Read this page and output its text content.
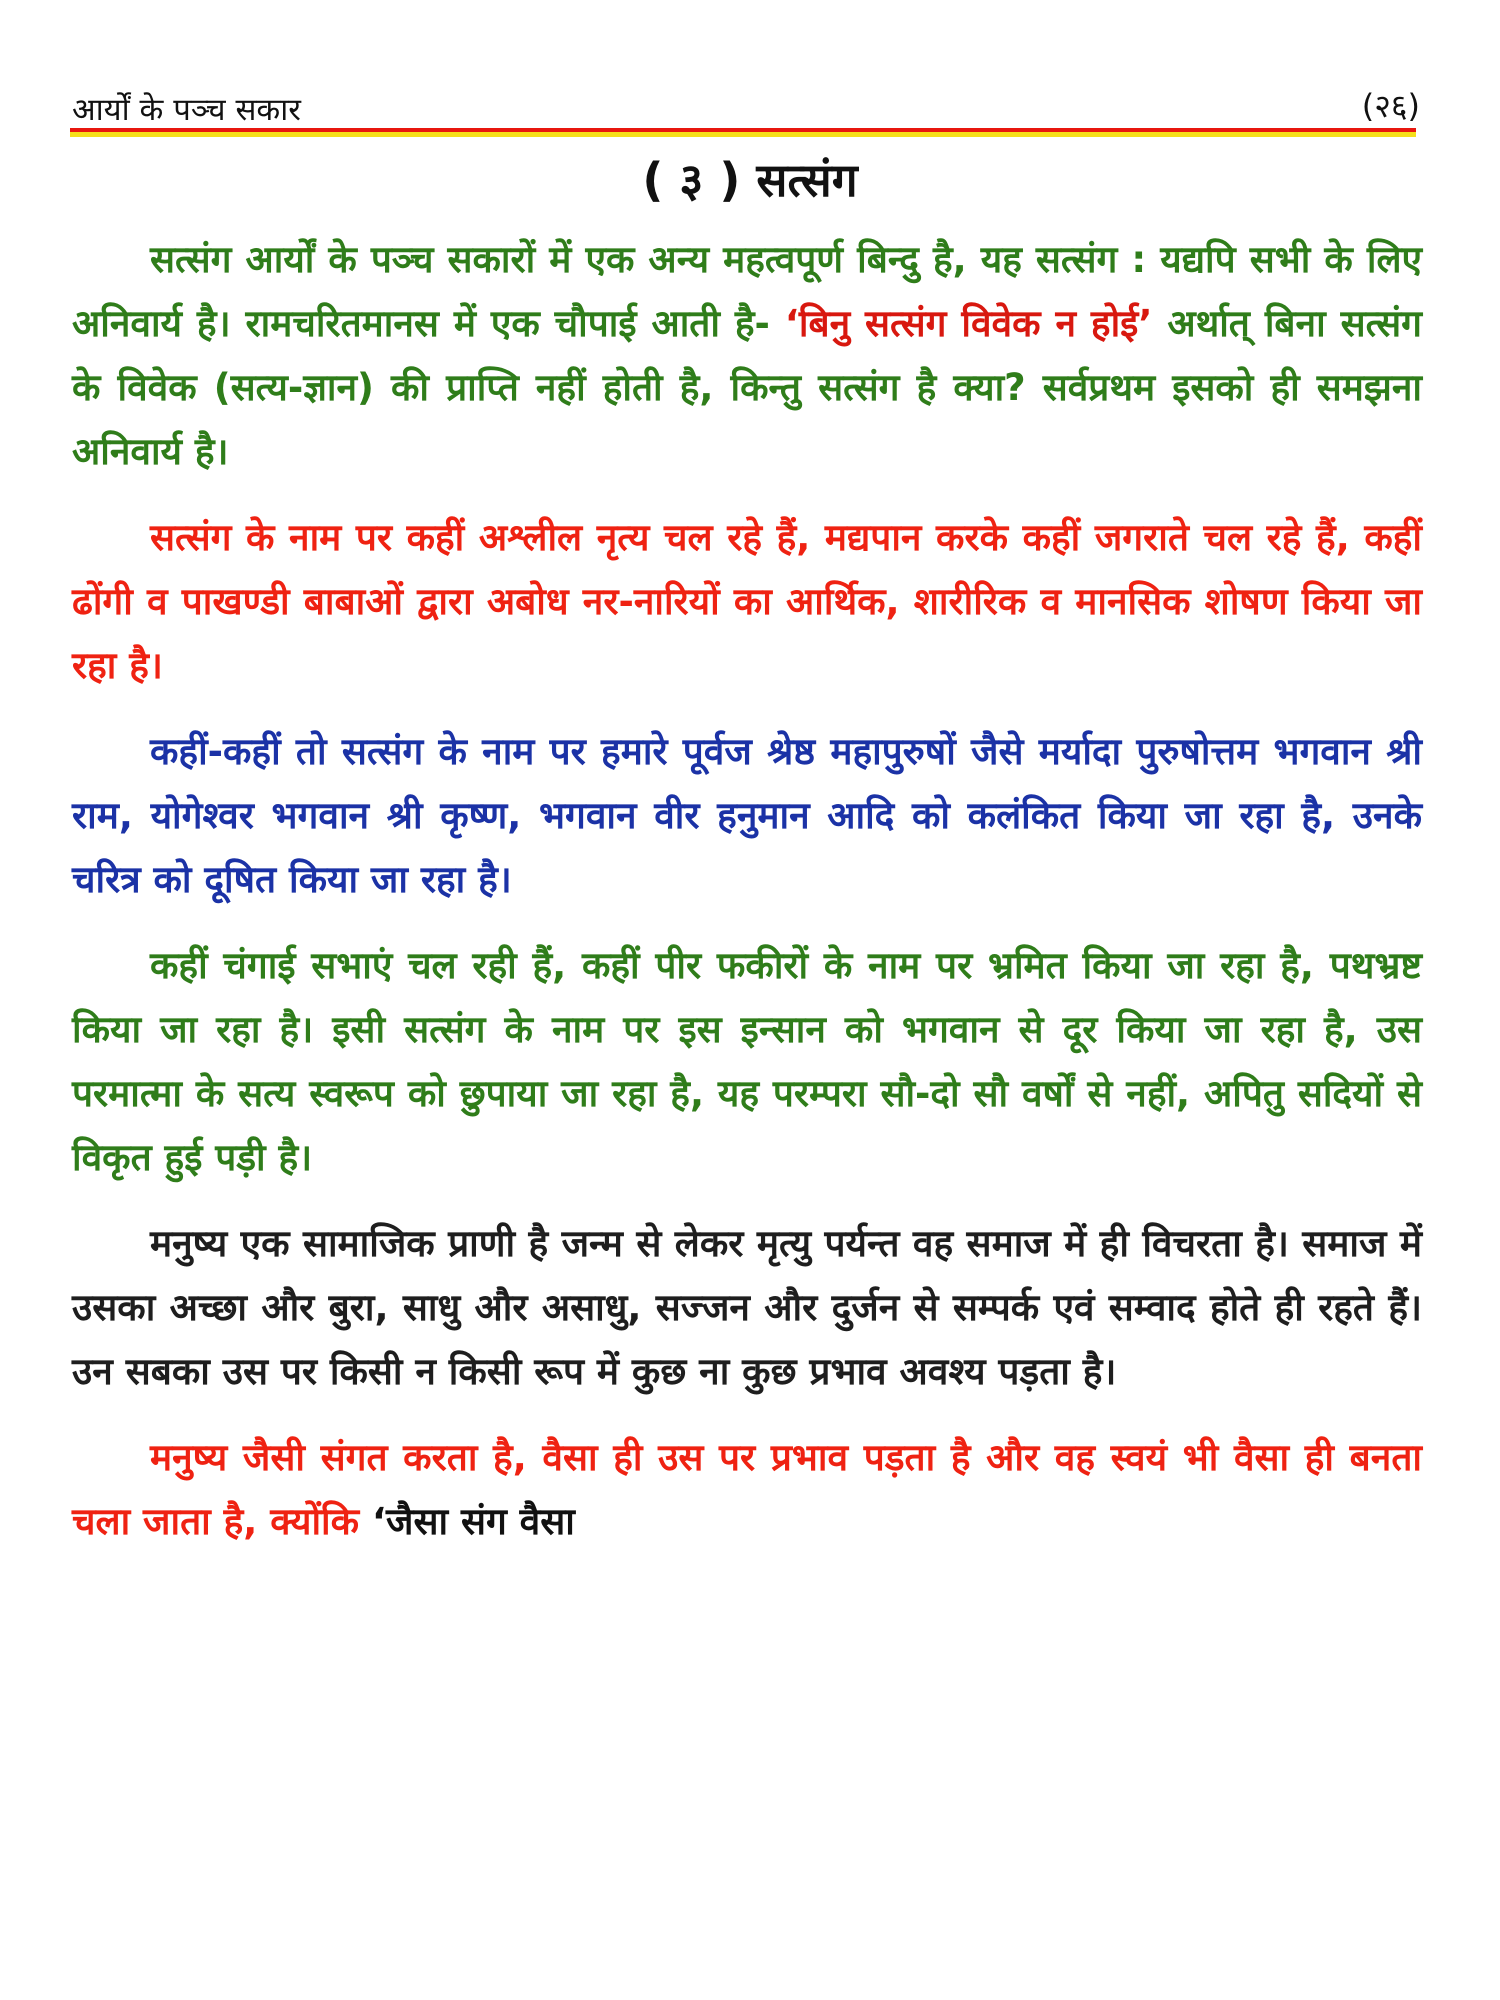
आर्यों के पञ्च सकार	(२६)
( ३ ) सत्संग

सत्संग आर्यों के पञ्च सकारों में एक अन्य महत्वपूर्ण बिन्दु है, यह सत्संग : यद्यपि सभी के लिए अनिवार्य है। रामचरितमानस में एक चौपाई आती है- ‘बिनु सत्संग विवेक न होई’ अर्थात् बिना सत्संग के विवेक (सत्य-ज्ञान) की प्राप्ति नहीं होती है, किन्तु सत्संग है क्या? सर्वप्रथम इसको ही समझना अनिवार्य है।

सत्संग के नाम पर कहीं अश्लील नृत्य चल रहे हैं, मद्यपान करके कहीं जगराते चल रहे हैं, कहीं ढोंगी व पाखण्डी बाबाओं द्वारा अबोध नर-नारियों का आर्थिक, शारीरिक व मानसिक शोषण किया जा रहा है।

कहीं-कहीं तो सत्संग के नाम पर हमारे पूर्वज श्रेष्ठ महापुरुषों जैसे मर्यादा पुरुषोत्तम भगवान श्री राम, योगेश्वर भगवान श्री कृष्ण, भगवान वीर हनुमान आदि को कलंकित किया जा रहा है, उनके चरित्र को दूषित किया जा रहा है।

कहीं चंगाई सभाएं चल रही हैं, कहीं पीर फकीरों के नाम पर भ्रमित किया जा रहा है, पथभ्रष्ट किया जा रहा है। इसी सत्संग के नाम पर इस इन्सान को भगवान से दूर किया जा रहा है, उस परमात्मा के सत्य स्वरूप को छुपाया जा रहा है, यह परम्परा सौ-दो सौ वर्षों से नहीं, अपितु सदियों से विकृत हुई पड़ी है।

मनुष्य एक सामाजिक प्राणी है जन्म से लेकर मृत्यु पर्यन्त वह समाज में ही विचरता है। समाज में उसका अच्छा और बुरा, साधु और असाधु, सज्जन और दुर्जन से सम्पर्क एवं सम्वाद होते ही रहते हैं। उन सबका उस पर किसी न किसी रूप में कुछ ना कुछ प्रभाव अवश्य पड़ता है।

मनुष्य जैसी संगत करता है, वैसा ही उस पर प्रभाव पड़ता है और वह स्वयं भी वैसा ही बनता चला जाता है, क्योंकि ‘जैसा संग वैसा
